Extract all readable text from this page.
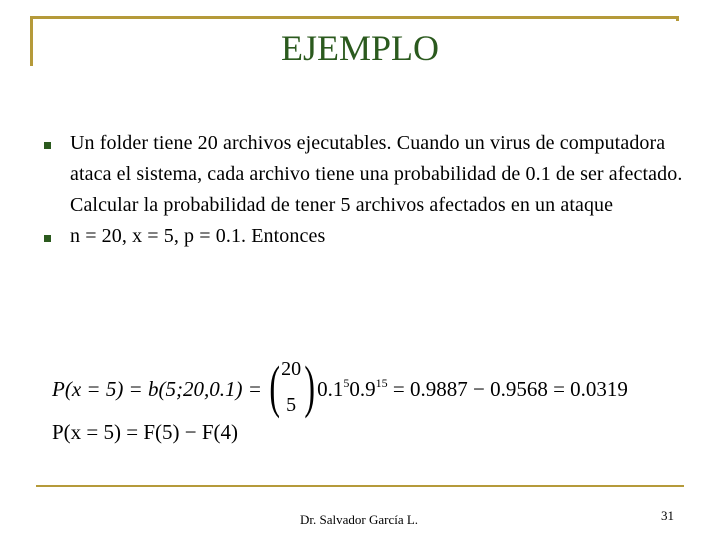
EJEMPLO
Un folder tiene 20 archivos ejecutables. Cuando un virus de computadora ataca el sistema, cada archivo tiene una probabilidad de 0.1 de ser afectado. Calcular la probabilidad de tener 5 archivos afectados en un ataque
n = 20, x = 5, p = 0.1. Entonces
P(x = 5) = b(5;20,0.1) = ( 20
5 ) $0.1^50.9^{15} = 0.9887 - 0.9568 = 0.0319$
P(x = 5) = F(5) − F(4)
Dr. Salvador García L.	31
